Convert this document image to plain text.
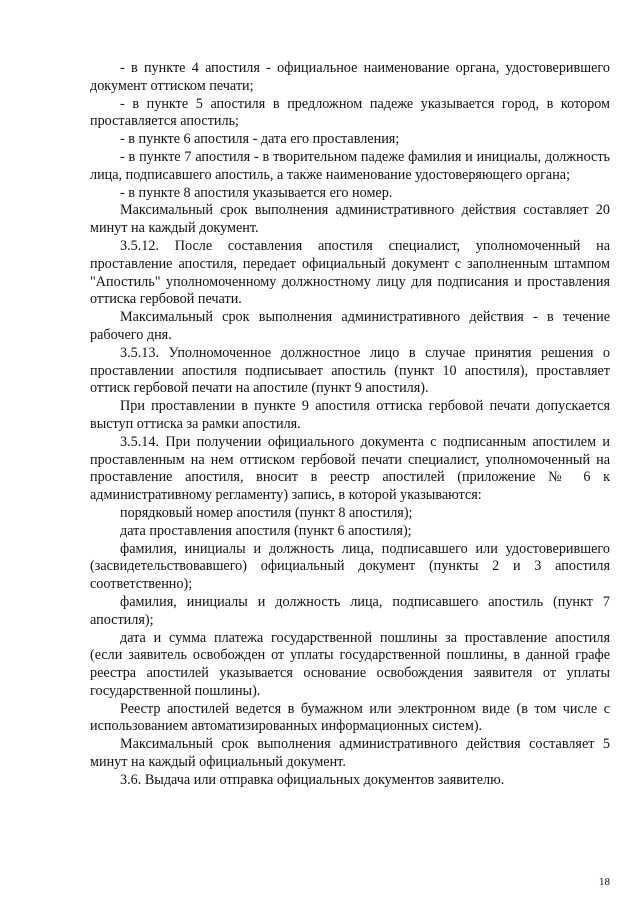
- в пункте 4 апостиля - официальное наименование органа, удостоверившего документ оттиском печати;

- в пункте 5 апостиля в предложном падеже указывается город, в котором проставляется апостиль;

- в пункте 6 апостиля - дата его проставления;

- в пункте 7 апостиля - в творительном падеже фамилия и инициалы, должность лица, подписавшего апостиль, а также наименование удостоверяющего органа;

- в пункте 8 апостиля указывается его номер.

Максимальный срок выполнения административного действия составляет 20 минут на каждый документ.

3.5.12. После составления апостиля специалист, уполномоченный на проставление апостиля, передает официальный документ с заполненным штампом "Апостиль" уполномоченному должностному лицу для подписания и проставления оттиска гербовой печати.

Максимальный срок выполнения административного действия - в течение рабочего дня.

3.5.13. Уполномоченное должностное лицо в случае принятия решения о проставлении апостиля подписывает апостиль (пункт 10 апостиля), проставляет оттиск гербовой печати на апостиле (пункт 9 апостиля).

При проставлении в пункте 9 апостиля оттиска гербовой печати допускается выступ оттиска за рамки апостиля.

3.5.14. При получении официального документа с подписанным апостилем и проставленным на нем оттиском гербовой печати специалист, уполномоченный на проставление апостиля, вносит в реестр апостилей (приложение № 6 к административному регламенту) запись, в которой указываются:

порядковый номер апостиля (пункт 8 апостиля);

дата проставления апостиля (пункт 6 апостиля);

фамилия, инициалы и должность лица, подписавшего или удостоверившего (засвидетельствовавшего) официальный документ (пункты 2 и 3 апостиля соответственно);

фамилия, инициалы и должность лица, подписавшего апостиль (пункт 7 апостиля);

дата и сумма платежа государственной пошлины за проставление апостиля (если заявитель освобожден от уплаты государственной пошлины, в данной графе реестра апостилей указывается основание освобождения заявителя от уплаты государственной пошлины).

Реестр апостилей ведется в бумажном или электронном виде (в том числе с использованием автоматизированных информационных систем).

Максимальный срок выполнения административного действия составляет 5 минут на каждый официальный документ.

3.6. Выдача или отправка официальных документов заявителю.

18
